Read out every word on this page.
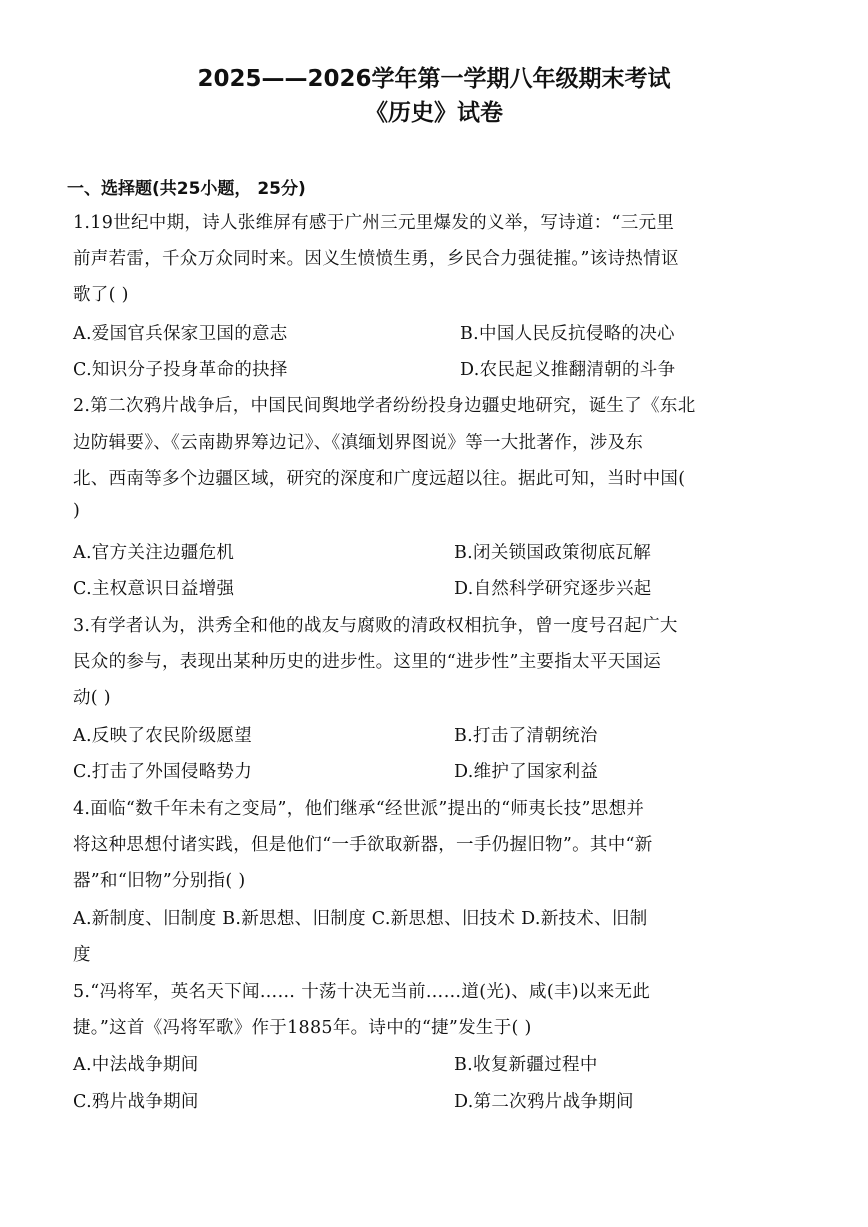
2025——2026学年第一学期八年级期末考试
《历史》试卷
一、选择题(共25小题， 25分)
1.19世纪中期，诗人张维屏有感于广州三元里爆发的义举，写诗道：“三元里
前声若雷，千众万众同时来。因义生愤愤生勇，乡民合力强徒摧。”该诗热情讴
歌了( )
A.爱国官兵保家卫国的意志	B.中国人民反抗侵略的决心
C.知识分子投身革命的抉择	D.农民起义推翻清朝的斗争
2.第二次鸦片战争后，中国民间舆地学者纷纷投身边疆史地研究，诞生了《东北
边防辑要》、《云南勘界筹边记》、《滇缅划界图说》等一大批著作，涉及东
北、西南等多个边疆区域，研究的深度和广度远超以往。据此可知，当时中国(
)
A.官方关注边疆危机	B.闭关锁国政策彻底瓦解
C.主权意识日益增强	D.自然科学研究逐步兴起
3.有学者认为，洪秀全和他的战友与腐败的清政权相抗争，曾一度号召起广大
民众的参与，表现出某种历史的进步性。这里的“进步性”主要指太平天国运
动( )
A.反映了农民阶级愿望	B.打击了清朝统治
C.打击了外国侵略势力	D.维护了国家利益
4.面临“数千年未有之变局”，他们继承“经世派”提出的“师夷长技”思想并
将这种思想付诸实践，但是他们“一手欲取新器，一手仍握旧物”。其中“新
器”和“旧物”分别指( )
A.新制度、旧制度 B.新思想、旧制度 C.新思想、旧技术 D.新技术、旧制
度
5.“冯将军，英名天下闻…… 十荡十决无当前……道(光)、咸(丰)以来无此
捷。”这首《冯将军歌》作于1885年。诗中的“捷”发生于( )
A.中法战争期间	B.收复新疆过程中
C.鸦片战争期间	D.第二次鸦片战争期间
